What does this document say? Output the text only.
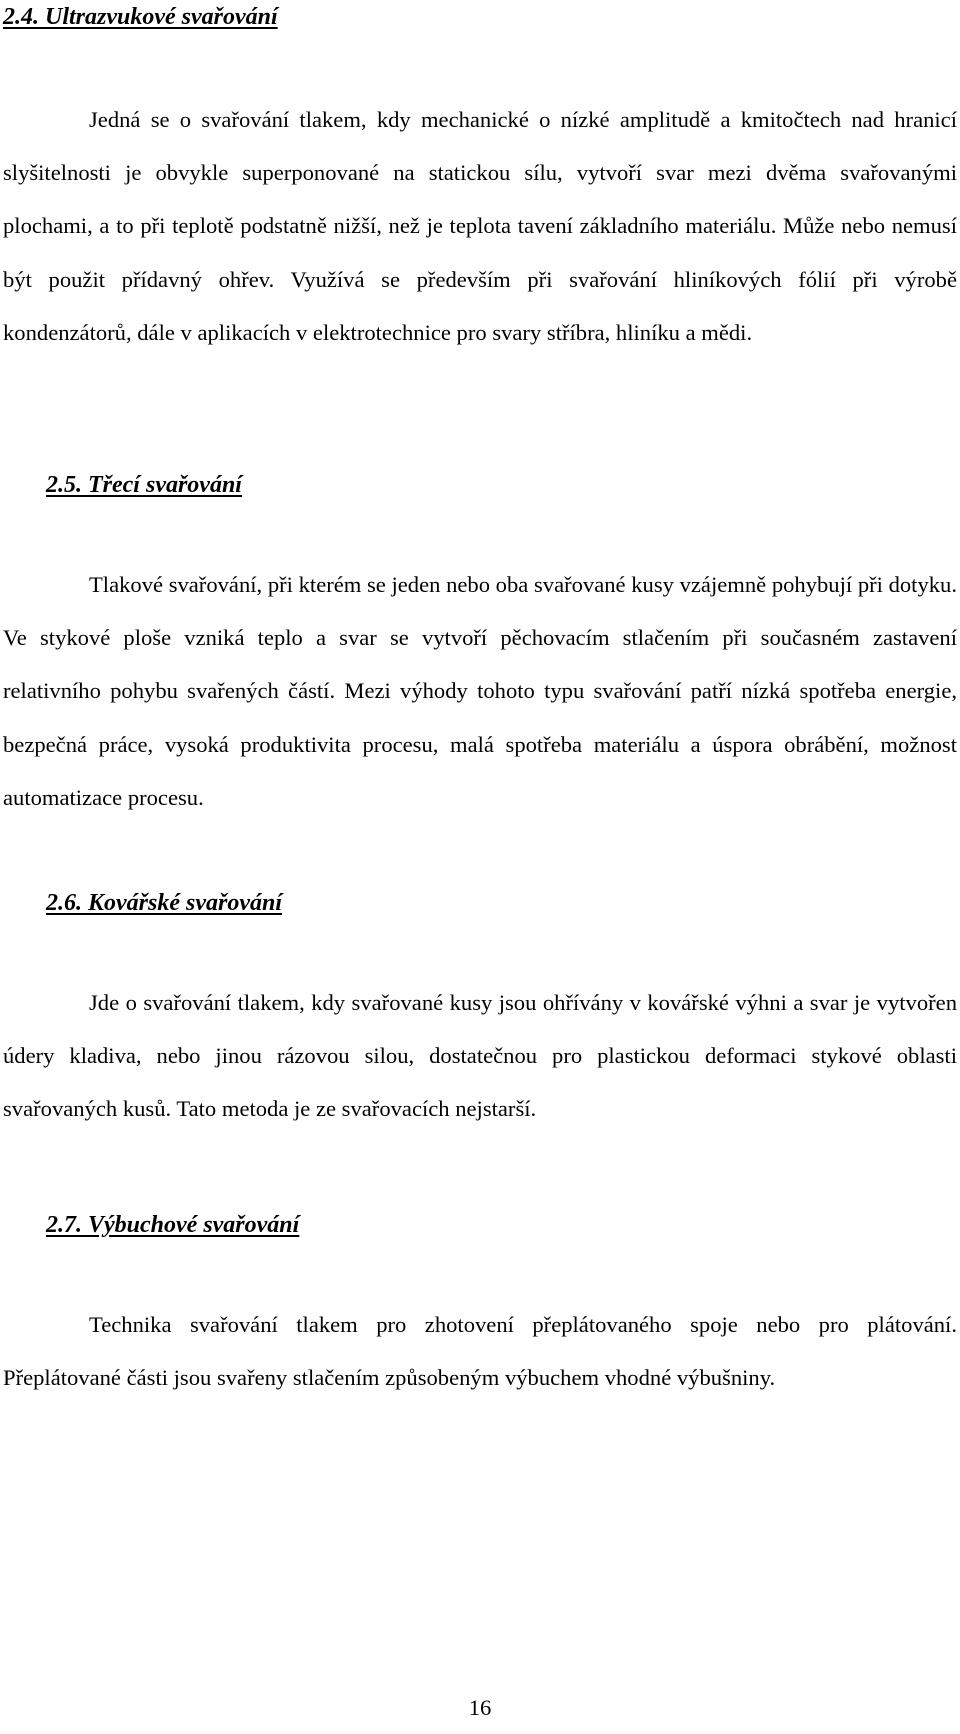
2.4. Ultrazvukové svařování

Jedná se o svařování tlakem, kdy mechanické o nízké amplitudě a kmitočtech nad hranicí slyšitelnosti je obvykle superponované na statickou sílu, vytvoří svar mezi dvěma svařovanými plochami, a to při teplotě podstatně nižší, než je teplota tavení základního materiálu. Může nebo nemusí být použit přídavný ohřev. Využívá se především při svařování hliníkových fólií při výrobě kondenzátorů, dále v aplikacích v elektrotechnice pro svary stříbra, hliníku a mědi.

2.5. Třecí svařování

Tlakové svařování, při kterém se jeden nebo oba svařované kusy vzájemně pohybují při dotyku. Ve stykové ploše vzniká teplo a svar se vytvoří pěchovacím stlačením při současném zastavení relativního pohybu svařených částí. Mezi výhody tohoto typu svařování patří nízká spotřeba energie, bezpečná práce, vysoká produktivita procesu, malá spotřeba materiálu a úspora obrábění, možnost automatizace procesu.

2.6. Kovářské svařování

Jde o svařování tlakem, kdy svařované kusy jsou ohřívány v kovářské výhni a svar je vytvořen údery kladiva, nebo jinou rázovou silou, dostatečnou pro plastickou deformaci stykové oblasti svařovaných kusů. Tato metoda je ze svařovacích nejstarší.

2.7. Výbuchové svařování

Technika svařování tlakem pro zhotovení přeplátovaného spoje nebo pro plátování. Přeplátované části jsou svařeny stlačením způsobeným výbuchem vhodné výbušniny.

16
